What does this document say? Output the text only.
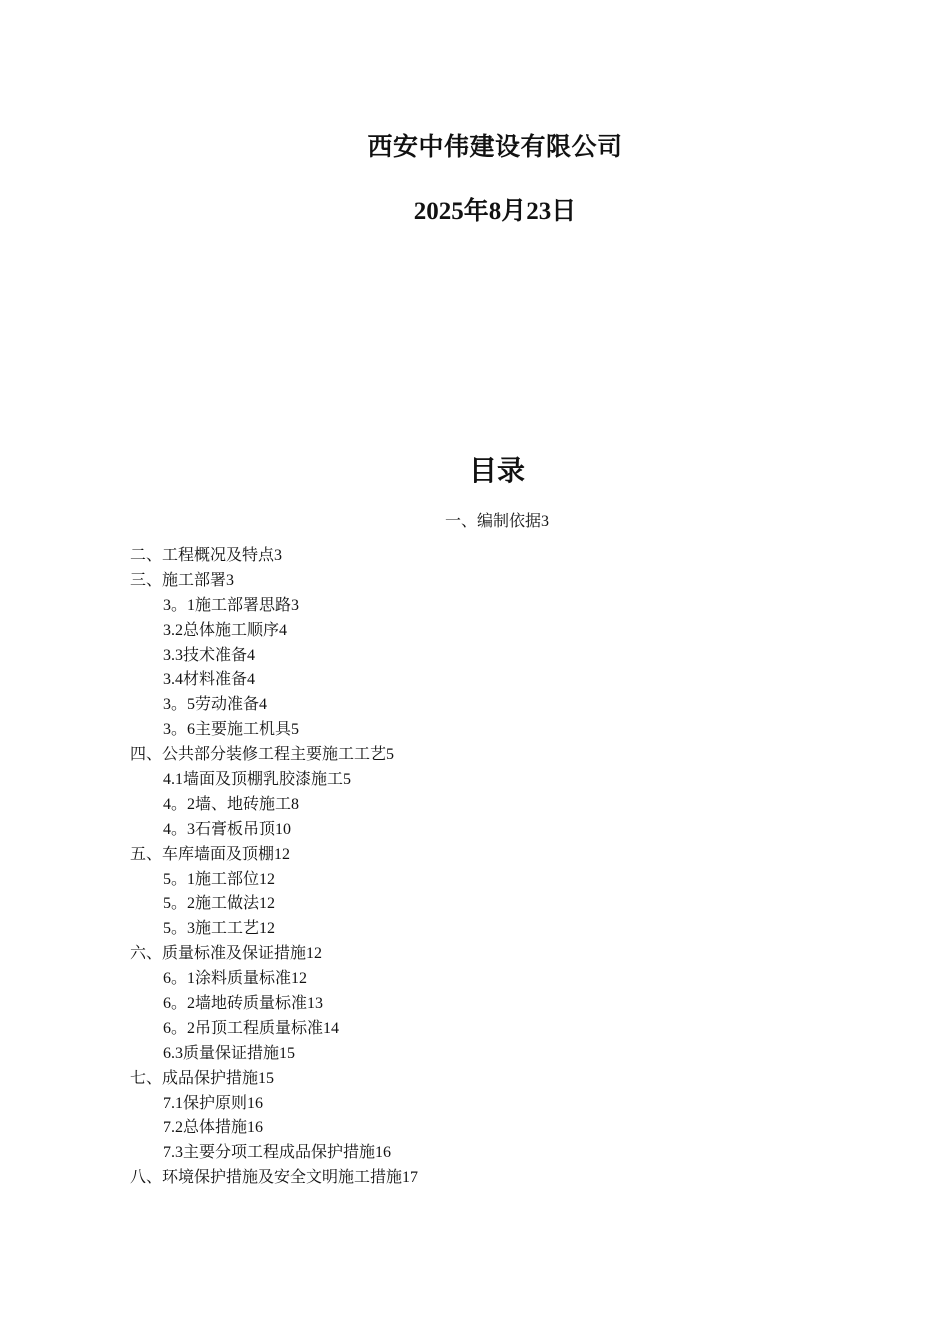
西安中伟建设有限公司
2025年8月23日
目录
一、编制依据3
二、工程概况及特点3
三、施工部署3
3。1施工部署思路3
3.2总体施工顺序4
3.3技术准备4
3.4材料准备4
3。5劳动准备4
3。6主要施工机具5
四、公共部分装修工程主要施工工艺5
4.1墙面及顶棚乳胶漆施工5
4。2墙、地砖施工8
4。3石膏板吊顶10
五、车库墙面及顶棚12
5。1施工部位12
5。2施工做法12
5。3施工工艺12
六、质量标准及保证措施12
6。1涂料质量标准12
6。2墙地砖质量标准13
6。2吊顶工程质量标准14
6.3质量保证措施15
七、成品保护措施15
7.1保护原则16
7.2总体措施16
7.3主要分项工程成品保护措施16
八、环境保护措施及安全文明施工措施17
